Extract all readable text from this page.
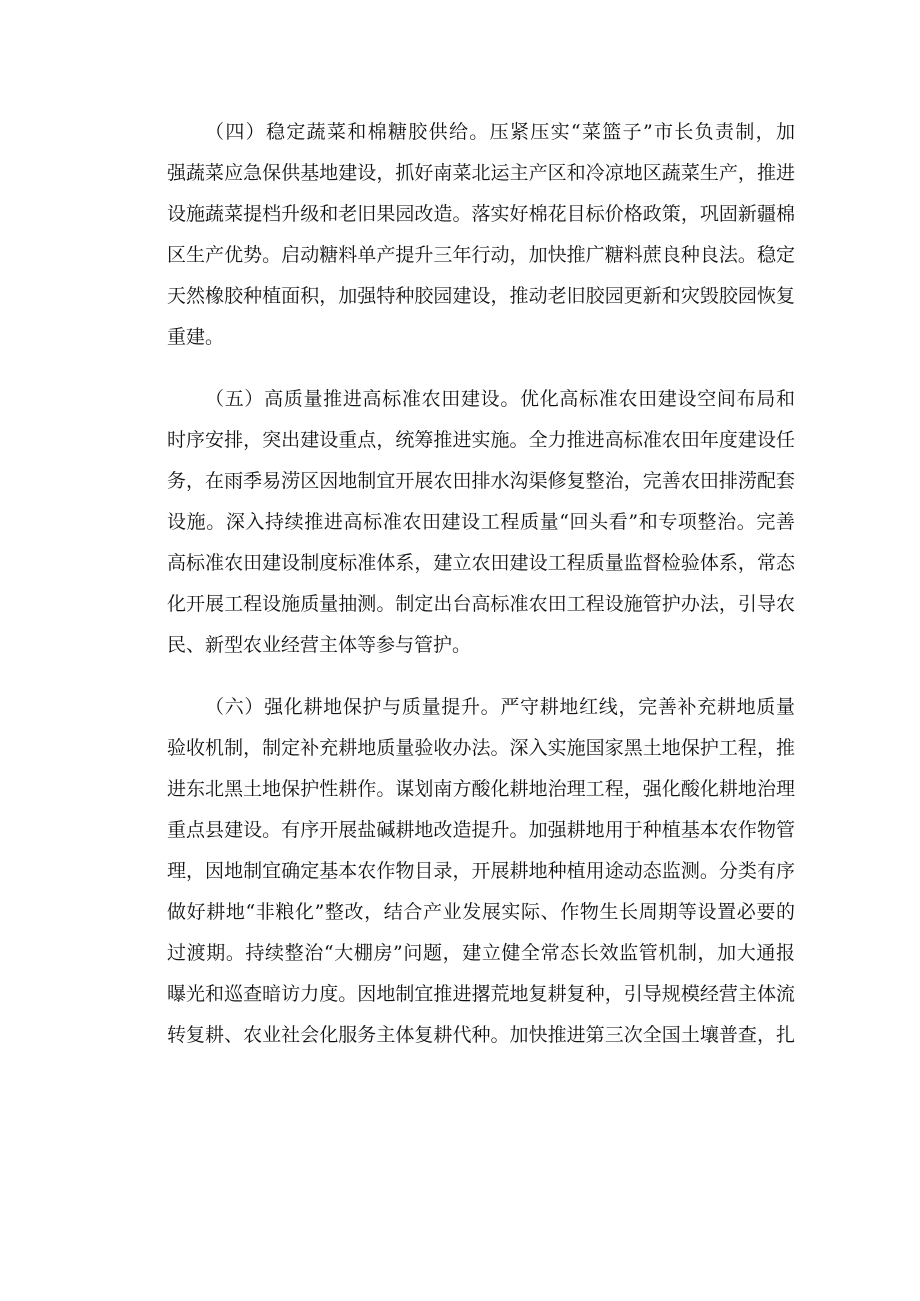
（四）稳定蔬菜和棉糖胶供给。压紧压实“菜篮子”市长负责制，加
强蔬菜应急保供基地建设，抓好南菜北运主产区和冷凉地区蔬菜生产，推进
设施蔬菜提档升级和老旧果园改造。落实好棉花目标价格政策，巩固新疆棉
区生产优势。启动糖料单产提升三年行动，加快推广糖料蔗良种良法。稳定
天然橡胶种植面积，加强特种胶园建设，推动老旧胶园更新和灾毁胶园恢复
重建。
（五）高质量推进高标准农田建设。优化高标准农田建设空间布局和
时序安排，突出建设重点，统筹推进实施。全力推进高标准农田年度建设任
务，在雨季易涝区因地制宜开展农田排水沟渠修复整治，完善农田排涝配套
设施。深入持续推进高标准农田建设工程质量“回头看”和专项整治。完善
高标准农田建设制度标准体系，建立农田建设工程质量监督检验体系，常态
化开展工程设施质量抽测。制定出台高标准农田工程设施管护办法，引导农
民、新型农业经营主体等参与管护。
（六）强化耕地保护与质量提升。严守耕地红线，完善补充耕地质量
验收机制，制定补充耕地质量验收办法。深入实施国家黑土地保护工程，推
进东北黑土地保护性耕作。谋划南方酸化耕地治理工程，强化酸化耕地治理
重点县建设。有序开展盐碱耕地改造提升。加强耕地用于种植基本农作物管
理，因地制宜确定基本农作物目录，开展耕地种植用途动态监测。分类有序
做好耕地“非粮化”整改，结合产业发展实际、作物生长周期等设置必要的
过渡期。持续整治“大棚房”问题，建立健全常态长效监管机制，加大通报
曝光和巡查暗访力度。因地制宜推进撂荒地复耕复种，引导规模经营主体流
转复耕、农业社会化服务主体复耕代种。加快推进第三次全国土壤普查，扎
